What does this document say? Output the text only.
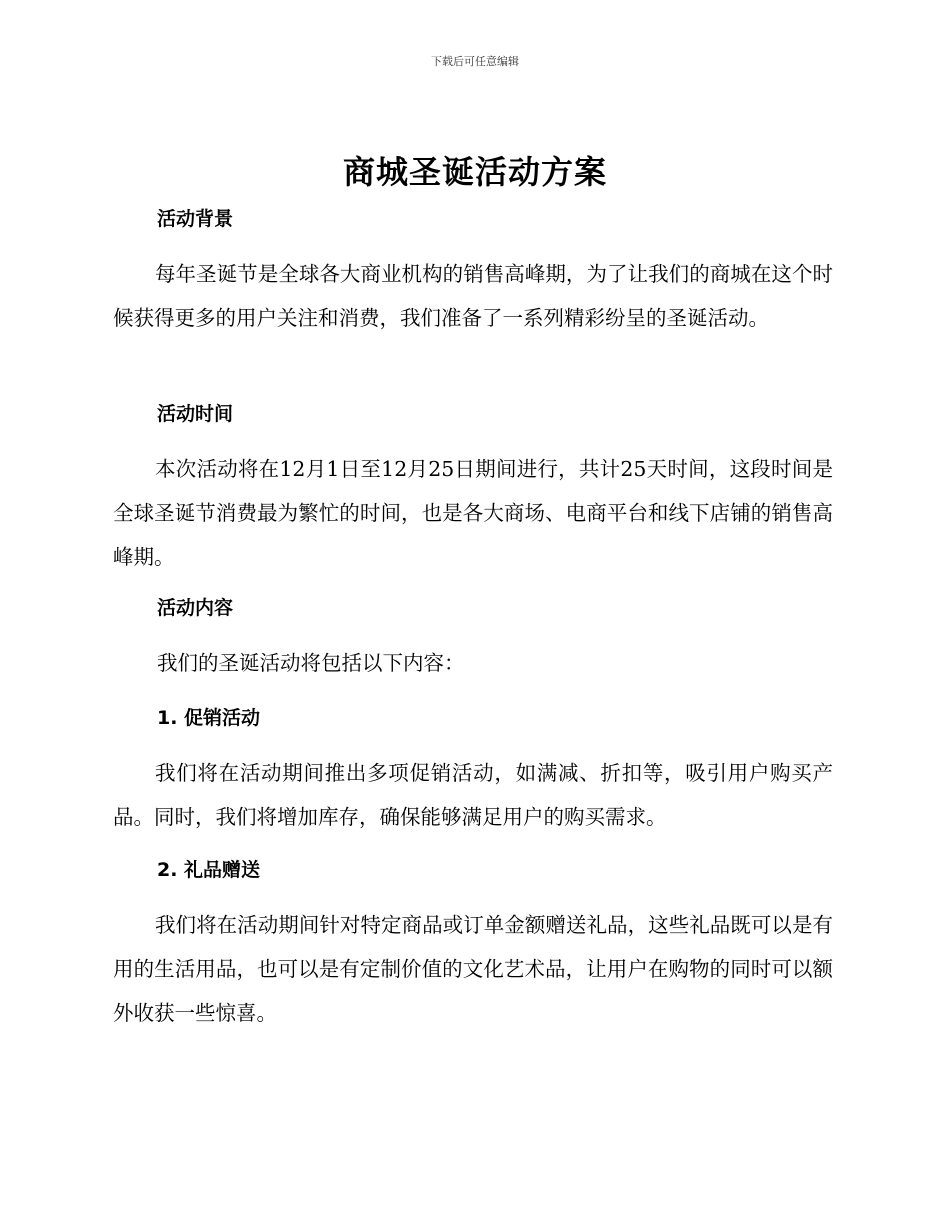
下载后可任意编辑
商城圣诞活动方案
活动背景
每年圣诞节是全球各大商业机构的销售高峰期，为了让我们的商城在这个时候获得更多的用户关注和消费，我们准备了一系列精彩纷呈的圣诞活动。
活动时间
本次活动将在12月1日至12月25日期间进行，共计25天时间，这段时间是全球圣诞节消费最为繁忙的时间，也是各大商场、电商平台和线下店铺的销售高峰期。
活动内容
我们的圣诞活动将包括以下内容：
1. 促销活动
我们将在活动期间推出多项促销活动，如满减、折扣等，吸引用户购买产品。同时，我们将增加库存，确保能够满足用户的购买需求。
2. 礼品赠送
我们将在活动期间针对特定商品或订单金额赠送礼品，这些礼品既可以是有用的生活用品，也可以是有定制价值的文化艺术品，让用户在购物的同时可以额外收获一些惊喜。
